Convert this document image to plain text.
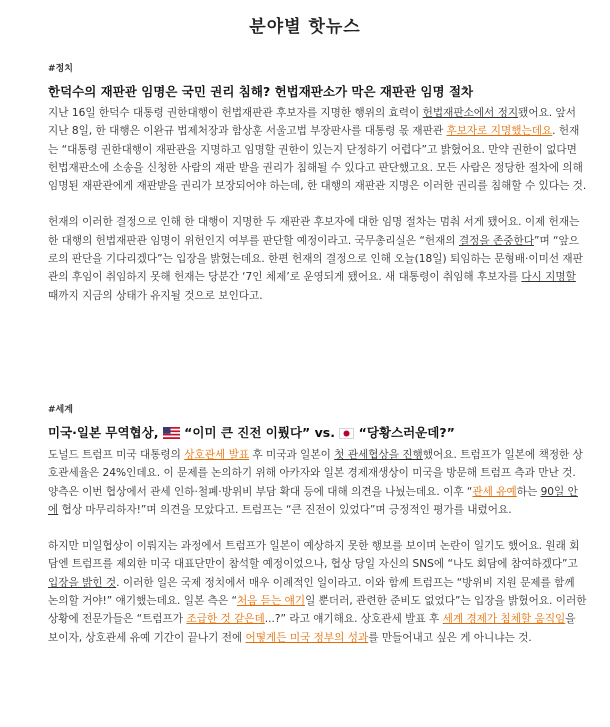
분야별 핫뉴스
#정치
한덕수의 재판관 임명은 국민 권리 침해? 헌법재판소가 막은 재판관 임명 절차

지난 16일 한덕수 대통령 권한대행이 헌법재판관 후보자를 지명한 행위의 효력이 헌법재판소에서 정지됐어요. 앞서 지난 8일, 한 대행은 이완규 법제처장과 함상훈 서울고법 부장판사를 대통령 몫 재판관 후보자로 지명했는데요. 헌재는 “대통령 권한대행이 재판관을 지명하고 임명할 권한이 있는지 단정하기 어렵다”고 밝혔어요. 만약 권한이 없다면 헌법재판소에 소송을 신청한 사람의 재판 받을 권리가 침해될 수 있다고 판단했고요. 모든 사람은 정당한 절차에 의해 임명된 재판관에게 재판받을 권리가 보장되어야 하는데, 한 대행의 재판관 지명은 이러한 권리를 침해할 수 있다는 것.

헌재의 이러한 결정으로 인해 한 대행이 지명한 두 재판관 후보자에 대한 임명 절차는 멈춰 서게 됐어요. 이제 헌재는 한 대행의 헌법재판관 임명이 위헌인지 여부를 판단할 예정이라고. 국무총리실은 “헌재의 결정을 존중한다”며 “앞으로의 판단을 기다리겠다”는 입장을 밝혔는데요. 한편 헌재의 결정으로 인해 오늘(18일) 퇴임하는 문형배·이미선 재판관의 후임이 취임하지 못해 헌재는 당분간 ‘7인 체제’로 운영되게 됐어요. 새 대통령이 취임해 후보자를 다시 지명할 때까지 지금의 상태가 유지될 것으로 보인다고.

#세계
미국·일본 무역협상,  “이미 큰 진전 이뤘다” vs.  “당황스러운데?”

도널드 트럼프 미국 대통령의 상호관세 발표 후 미국과 일본이 첫 관세협상을 진행했어요. 트럼프가 일본에 책정한 상호관세율은 24%인데요. 이 문제를 논의하기 위해 아카자와 일본 경제재생상이 미국을 방문해 트럼프 측과 만난 것. 양측은 이번 협상에서 관세 인하·철폐·방위비 부담 확대 등에 대해 의견을 나눴는데요. 이후 “관세 유예하는 90일 안에 협상 마무리하자!”며 의견을 모았다고. 트럼프는 “큰 진전이 있었다”며 긍정적인 평가를 내렸어요.

하지만 미일협상이 이뤄지는 과정에서 트럼프가 일본이 예상하지 못한 행보를 보이며 논란이 일기도 했어요. 원래 회담엔 트럼프를 제외한 미국 대표단만이 참석할 예정이었으나, 협상 당일 자신의 SNS에 “나도 회담에 참여하겠다”고 입장을 밝힌 것. 이러한 일은 국제 정치에서 매우 이례적인 일이라고. 이와 함께 트럼프는 “방위비 지원 문제를 함께 논의할 거야!” 얘기했는데요. 일본 측은 “처음 듣는 얘기일 뿐더러, 관련한 준비도 없었다”는 입장을 밝혔어요. 이러한 상황에 전문가들은 “트럼프가 조급한 것 같은데...?” 라고 얘기해요. 상호관세 발표 후 세계 경제가 침체할 움직임을 보이자, 상호관세 유예 기간이 끝나기 전에 어떻게든 미국 정부의 성과를 만들어내고 싶은 게 아니냐는 것.
